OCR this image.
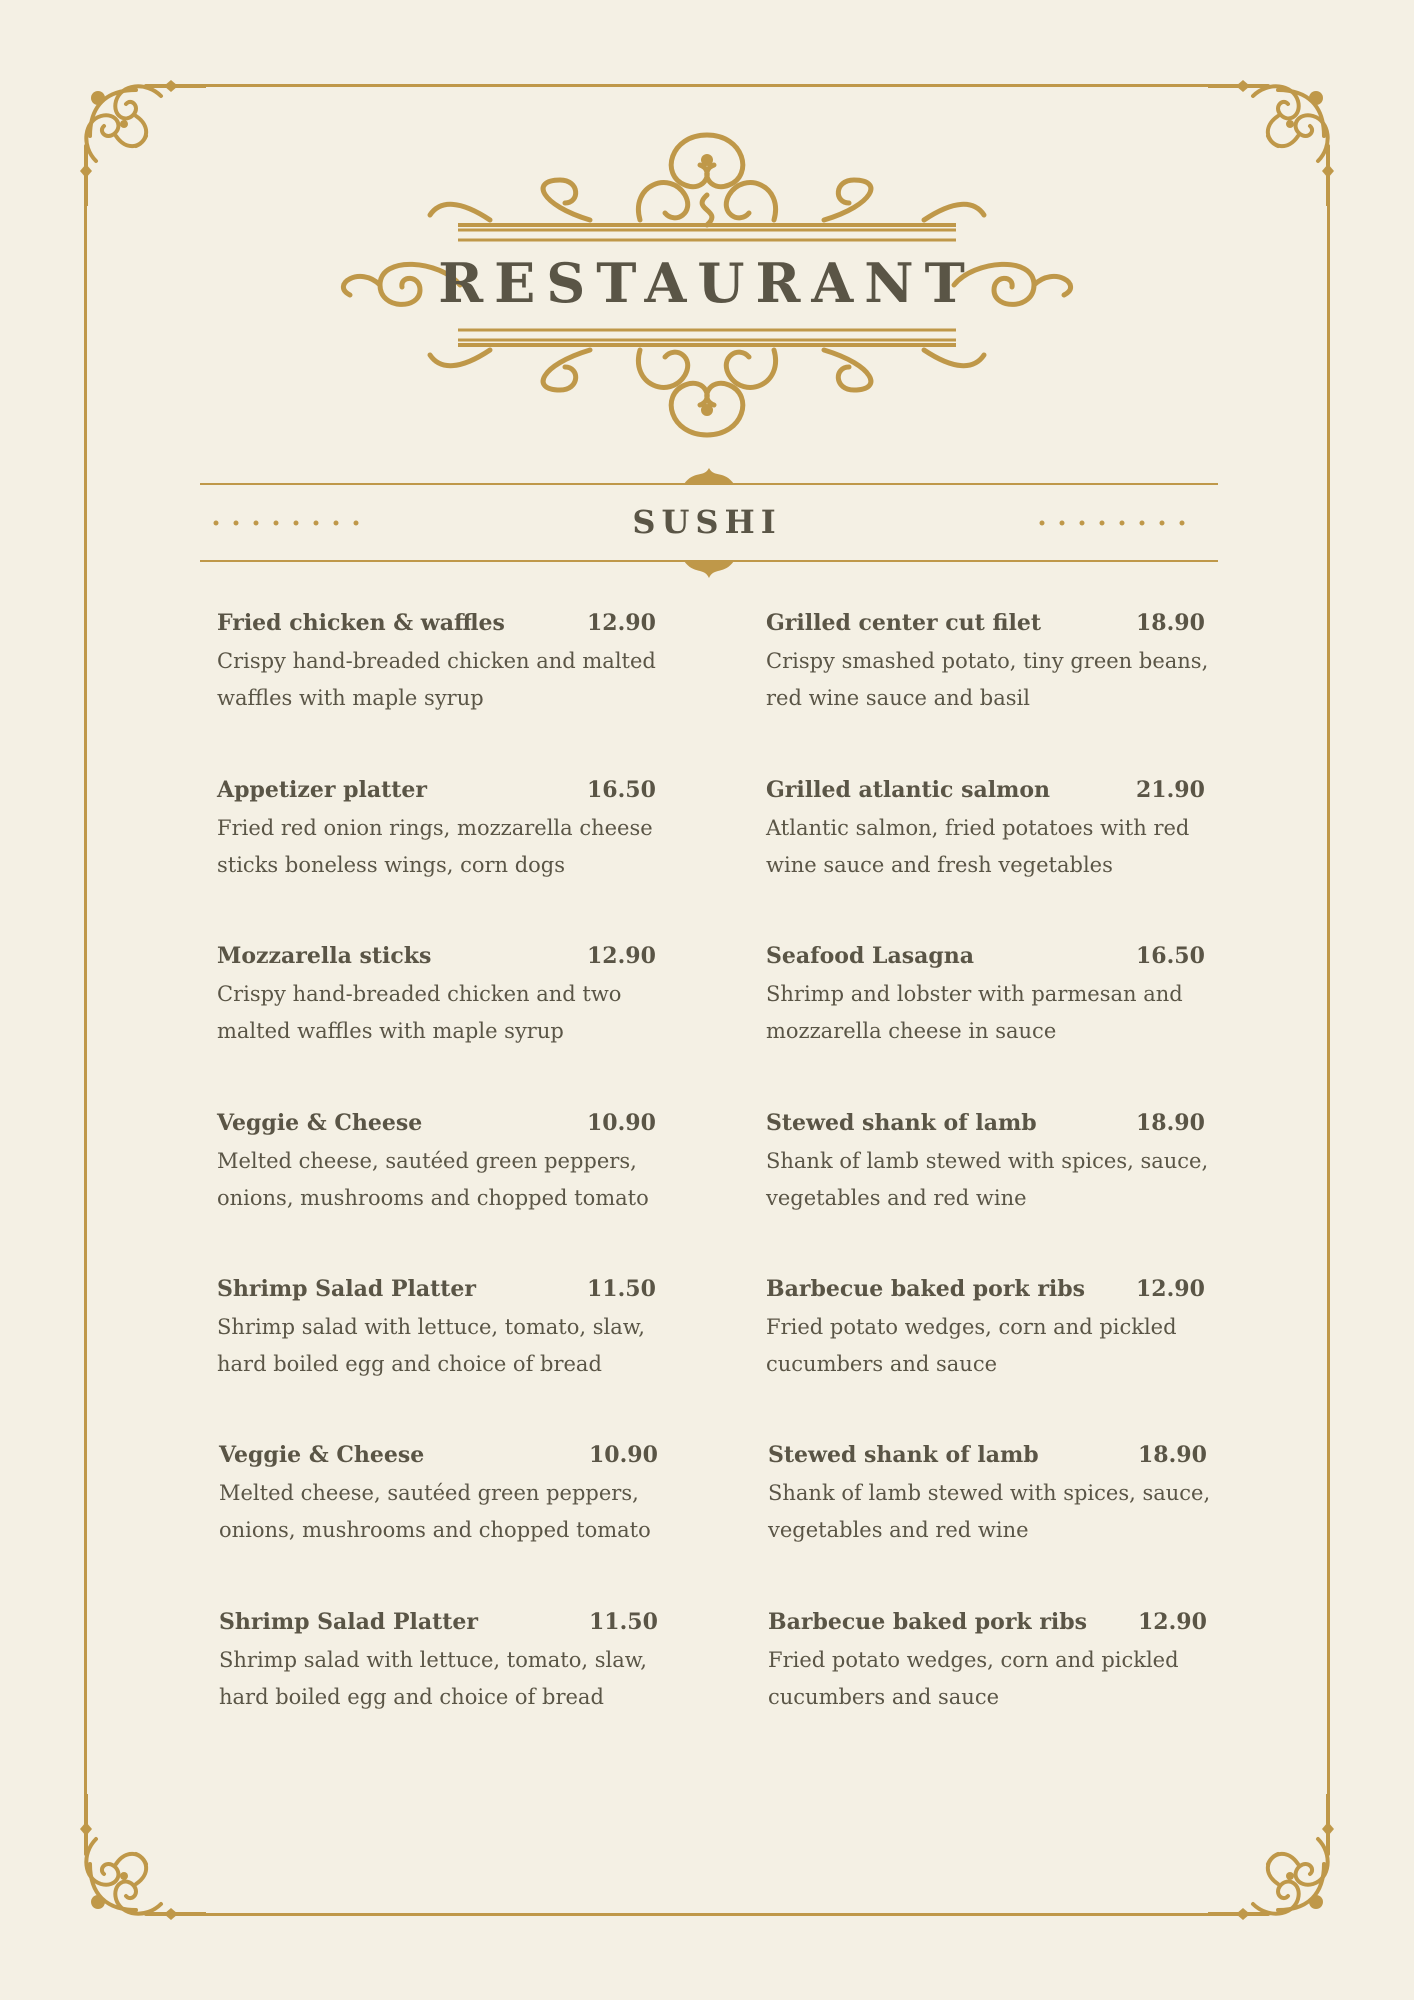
RESTAURANT
SUSHI
Fried chicken & waffles	12.90
Crispy hand-breaded chicken and malted waffles with maple syrup
Appetizer platter	16.50
Fried red onion rings, mozzarella cheese sticks boneless wings, corn dogs
Mozzarella sticks	12.90
Crispy hand-breaded chicken and two malted waffles with maple syrup
Veggie & Cheese	10.90
Melted cheese, sautéed green peppers, onions, mushrooms and chopped tomato
Shrimp Salad Platter	11.50
Shrimp salad with lettuce, tomato, slaw, hard boiled egg and choice of bread
Veggie & Cheese	10.90
Melted cheese, sautéed green peppers, onions, mushrooms and chopped tomato
Shrimp Salad Platter	11.50
Shrimp salad with lettuce, tomato, slaw, hard boiled egg and choice of bread
Grilled center cut filet	18.90
Crispy smashed potato, tiny green beans, red wine sauce and basil
Grilled atlantic salmon	21.90
Atlantic salmon, fried potatoes with red wine sauce and fresh vegetables
Seafood Lasagna	16.50
Shrimp and lobster with parmesan and mozzarella cheese in sauce
Stewed shank of lamb	18.90
Shank of lamb stewed with spices, sauce, vegetables and red wine
Barbecue baked pork ribs 12.90
Fried potato wedges, corn and pickled cucumbers and sauce
Stewed shank of lamb	18.90
Shank of lamb stewed with spices, sauce, vegetables and red wine
Barbecue baked pork ribs 12.90
Fried potato wedges, corn and pickled cucumbers and sauce
